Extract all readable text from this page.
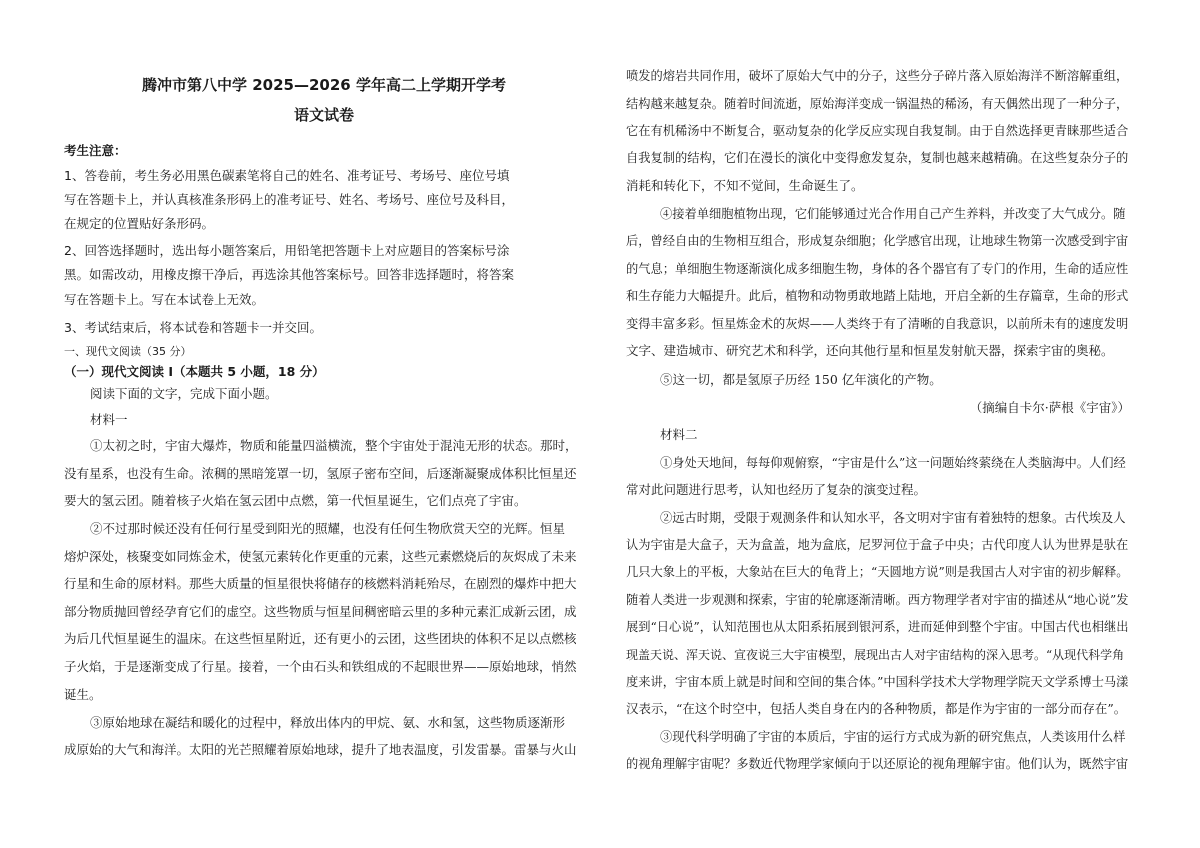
腾冲市第八中学 2025—2026 学年高二上学期开学考
语文试卷
考生注意：
1、答卷前，考生务必用黑色碳素笔将自己的姓名、准考证号、考场号、座位号填
写在答题卡上，并认真核准条形码上的准考证号、姓名、考场号、座位号及科目，
在规定的位置贴好条形码。
2、回答选择题时，选出每小题答案后，用铅笔把答题卡上对应题目的答案标号涂
黑。如需改动，用橡皮擦干净后，再选涂其他答案标号。回答非选择题时，将答案
写在答题卡上。写在本试卷上无效。
3、考试结束后，将本试卷和答题卡一并交回。
一、现代文阅读（35 分）
（一）现代文阅读 I（本题共 5 小题，18 分）
阅读下面的文字，完成下面小题。
材料一
①太初之时，宇宙大爆炸，物质和能量四溢横流，整个宇宙处于混沌无形的状态。那时，
没有星系，也没有生命。浓稠的黑暗笼罩一切，氢原子密布空间，后逐渐凝聚成体积比恒星还
要大的氢云团。随着核子火焰在氢云团中点燃，第一代恒星诞生，它们点亮了宇宙。
②不过那时候还没有任何行星受到阳光的照耀，也没有任何生物欣赏天空的光辉。恒星
熔炉深处，核聚变如同炼金术，使氢元素转化作更重的元素，这些元素燃烧后的灰烬成了未来
行星和生命的原材料。那些大质量的恒星很快将储存的核燃料消耗殆尽，在剧烈的爆炸中把大
部分物质抛回曾经孕育它们的虚空。这些物质与恒星间稠密暗云里的多种元素汇成新云团，成
为后几代恒星诞生的温床。在这些恒星附近，还有更小的云团，这些团块的体积不足以点燃核
子火焰，于是逐渐变成了行星。接着，一个由石头和铁组成的不起眼世界——原始地球，悄然
诞生。
③原始地球在凝结和暖化的过程中，释放出体内的甲烷、氨、水和氢，这些物质逐渐形
成原始的大气和海洋。太阳的光芒照耀着原始地球，提升了地表温度，引发雷暴。雷暴与火山
喷发的熔岩共同作用，破坏了原始大气中的分子，这些分子碎片落入原始海洋不断溶解重组，
结构越来越复杂。随着时间流逝，原始海洋变成一锅温热的稀汤，有天偶然出现了一种分子，
它在有机稀汤中不断复合，驱动复杂的化学反应实现自我复制。由于自然选择更青睐那些适合
自我复制的结构，它们在漫长的演化中变得愈发复杂，复制也越来越精确。在这些复杂分子的
消耗和转化下，不知不觉间，生命诞生了。
④接着单细胞植物出现，它们能够通过光合作用自己产生养料，并改变了大气成分。随
后，曾经自由的生物相互组合，形成复杂细胞；化学感官出现，让地球生物第一次感受到宇宙
的气息；单细胞生物逐渐演化成多细胞生物，身体的各个器官有了专门的作用，生命的适应性
和生存能力大幅提升。此后，植物和动物勇敢地踏上陆地，开启全新的生存篇章，生命的形式
变得丰富多彩。恒星炼金术的灰烬——人类终于有了清晰的自我意识，以前所未有的速度发明
文字、建造城市、研究艺术和科学，还向其他行星和恒星发射航天器，探索宇宙的奥秘。
⑤这一切，都是氢原子历经 150 亿年演化的产物。
（摘编自卡尔·萨根《宇宙》）
材料二
①身处天地间，每每仰观俯察，“宇宙是什么”这一问题始终萦绕在人类脑海中。人们经
常对此问题进行思考，认知也经历了复杂的演变过程。
②远古时期，受限于观测条件和认知水平，各文明对宇宙有着独特的想象。古代埃及人
认为宇宙是大盒子，天为盒盖，地为盒底，尼罗河位于盒子中央；古代印度人认为世界是驮在
几只大象上的平板，大象站在巨大的龟背上；“天圆地方说”则是我国古人对宇宙的初步解释。
随着人类进一步观测和探索，宇宙的轮廓逐渐清晰。西方物理学者对宇宙的描述从“地心说”发
展到“日心说”，认知范围也从太阳系拓展到银河系，进而延伸到整个宇宙。中国古代也相继出
现盖天说、浑天说、宣夜说三大宇宙模型，展现出古人对宇宙结构的深入思考。“从现代科学角
度来讲，宇宙本质上就是时间和空间的集合体。”中国科学技术大学物理学院天文学系博士马漾
汉表示，“在这个时空中，包括人类自身在内的各种物质，都是作为宇宙的一部分而存在”。
③现代科学明确了宇宙的本质后，宇宙的运行方式成为新的研究焦点，人类该用什么样
的视角理解宇宙呢？多数近代物理学家倾向于以还原论的视角理解宇宙。他们认为，既然宇宙
